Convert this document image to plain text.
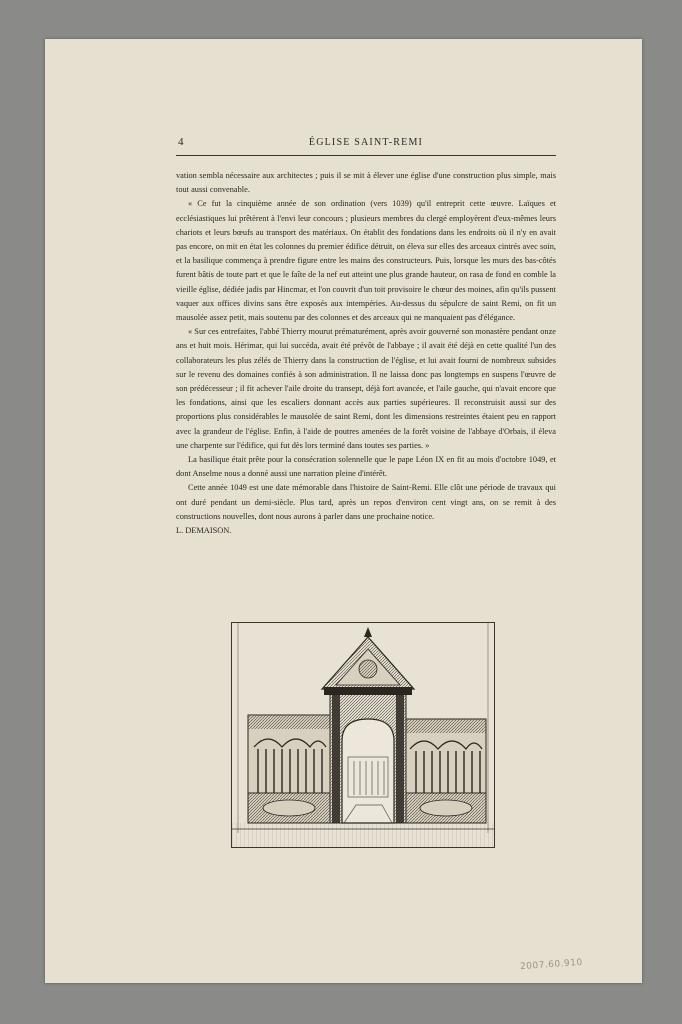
4	ÉGLISE SAINT-REMI

vation sembla nécessaire aux architectes ; puis il se mit à élever une église d'une construction plus simple, mais tout aussi convenable.

« Ce fut la cinquième année de son ordination (vers 1039) qu'il entreprit cette œuvre. Laïques et ecclésiastiques lui prêtèrent à l'envi leur concours ; plusieurs membres du clergé employèrent d'eux-mêmes leurs chariots et leurs bœufs au transport des matériaux. On établit des fondations dans les endroits où il n'y en avait pas encore, on mit en état les colonnes du premier édifice détruit, on éleva sur elles des arceaux cintrés avec soin, et la basilique commença à prendre figure entre les mains des constructeurs. Puis, lorsque les murs des bas-côtés furent bâtis de toute part et que le faîte de la nef eut atteint une plus grande hauteur, on rasa de fond en comble la vieille église, dédiée jadis par Hincmar, et l'on couvrit d'un toit provisoire le chœur des moines, afin qu'ils pussent vaquer aux offices divins sans être exposés aux intempéries. Au-dessus du sépulcre de saint Remi, on fit un mausolée assez petit, mais soutenu par des colonnes et des arceaux qui ne manquaient pas d'élégance.

« Sur ces entrefaites, l'abbé Thierry mourut prématurément, après avoir gouverné son monastère pendant onze ans et huit mois. Hérimar, qui lui succéda, avait été prévôt de l'abbaye ; il avait été déjà en cette qualité l'un des collaborateurs les plus zélés de Thierry dans la construction de l'église, et lui avait fourni de nombreux subsides sur le revenu des domaines confiés à son administration. Il ne laissa donc pas longtemps en suspens l'œuvre de son prédécesseur ; il fit achever l'aile droite du transept, déjà fort avancée, et l'aile gauche, qui n'avait encore que les fondations, ainsi que les escaliers donnant accès aux parties supérieures. Il reconstruisit aussi sur des proportions plus considérables le mausolée de saint Remi, dont les dimensions restreintes étaient peu en rapport avec la grandeur de l'église. Enfin, à l'aide de poutres amenées de la forêt voisine de l'abbaye d'Orbais, il éleva une charpente sur l'édifice, qui fut dès lors terminé dans toutes ses parties. »

La basilique était prête pour la consécration solennelle que le pape Léon IX en fit au mois d'octobre 1049, et dont Anselme nous a donné aussi une narration pleine d'intérêt.

Cette année 1049 est une date mémorable dans l'histoire de Saint-Remi. Elle clôt une période de travaux qui ont duré pendant un demi-siècle. Plus tard, après un repos d'environ cent vingt ans, on se remit à des constructions nouvelles, dont nous aurons à parler dans une prochaine notice.

L. DEMAISON.

2007.60.910
